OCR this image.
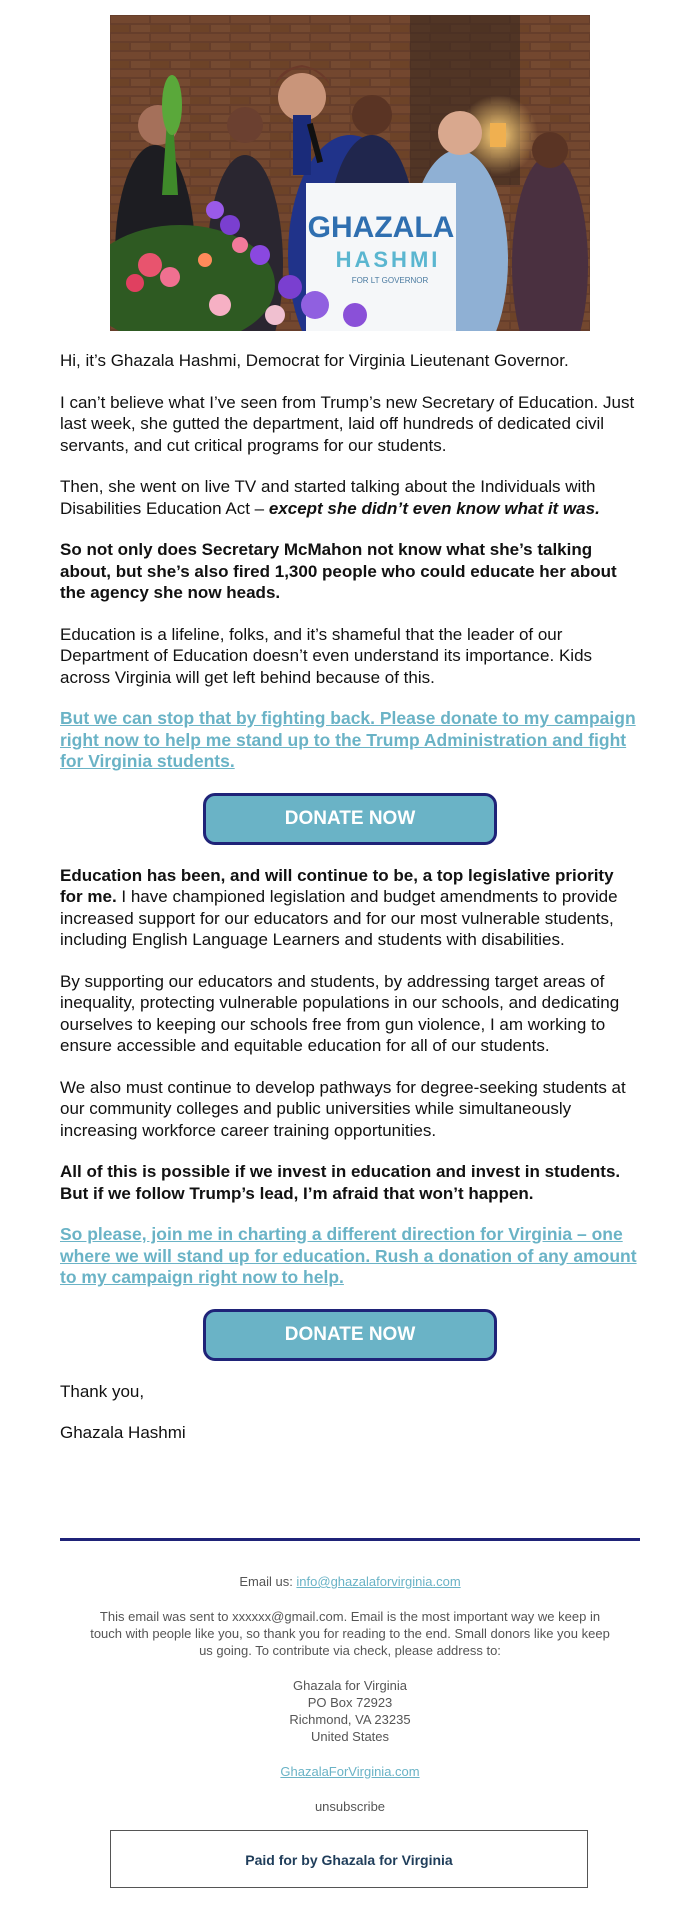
GHAZALA
HASHMI
FOR LT GOVERNOR

Hi, it’s Ghazala Hashmi, Democrat for Virginia Lieutenant Governor.

I can’t believe what I’ve seen from Trump’s new Secretary of Education. Just last week, she gutted the department, laid off hundreds of dedicated civil servants, and cut critical programs for our students.

Then, she went on live TV and started talking about the Individuals with Disabilities Education Act – except she didn’t even know what it was.

So not only does Secretary McMahon not know what she’s talking about, but she’s also fired 1,300 people who could educate her about the agency she now heads.

Education is a lifeline, folks, and it’s shameful that the leader of our Department of Education doesn’t even understand its importance. Kids across Virginia will get left behind because of this.

But we can stop that by fighting back. Please donate to my campaign right now to help me stand up to the Trump Administration and fight for Virginia students.

DONATE NOW

Education has been, and will continue to be, a top legislative priority for me. I have championed legislation and budget amendments to provide increased support for our educators and for our most vulnerable students, including English Language Learners and students with disabilities.

By supporting our educators and students, by addressing target areas of inequality, protecting vulnerable populations in our schools, and dedicating ourselves to keeping our schools free from gun violence, I am working to ensure accessible and equitable education for all of our students.

We also must continue to develop pathways for degree-seeking students at our community colleges and public universities while simultaneously increasing workforce career training opportunities.

All of this is possible if we invest in education and invest in students. But if we follow Trump’s lead, I’m afraid that won’t happen.

So please, join me in charting a different direction for Virginia – one where we will stand up for education. Rush a donation of any amount to my campaign right now to help.

DONATE NOW

Thank you,

Ghazala Hashmi

Email us: info@ghazalaforvirginia.com
This email was sent to xxxxxx@gmail.com. Email is the most important way we keep in touch with people like you, so thank you for reading to the end. Small donors like you keep us going. To contribute via check, please address to:
Ghazala for Virginia
PO Box 72923
Richmond, VA 23235
United States
GhazalaForVirginia.com
unsubscribe
Paid for by Ghazala for Virginia
